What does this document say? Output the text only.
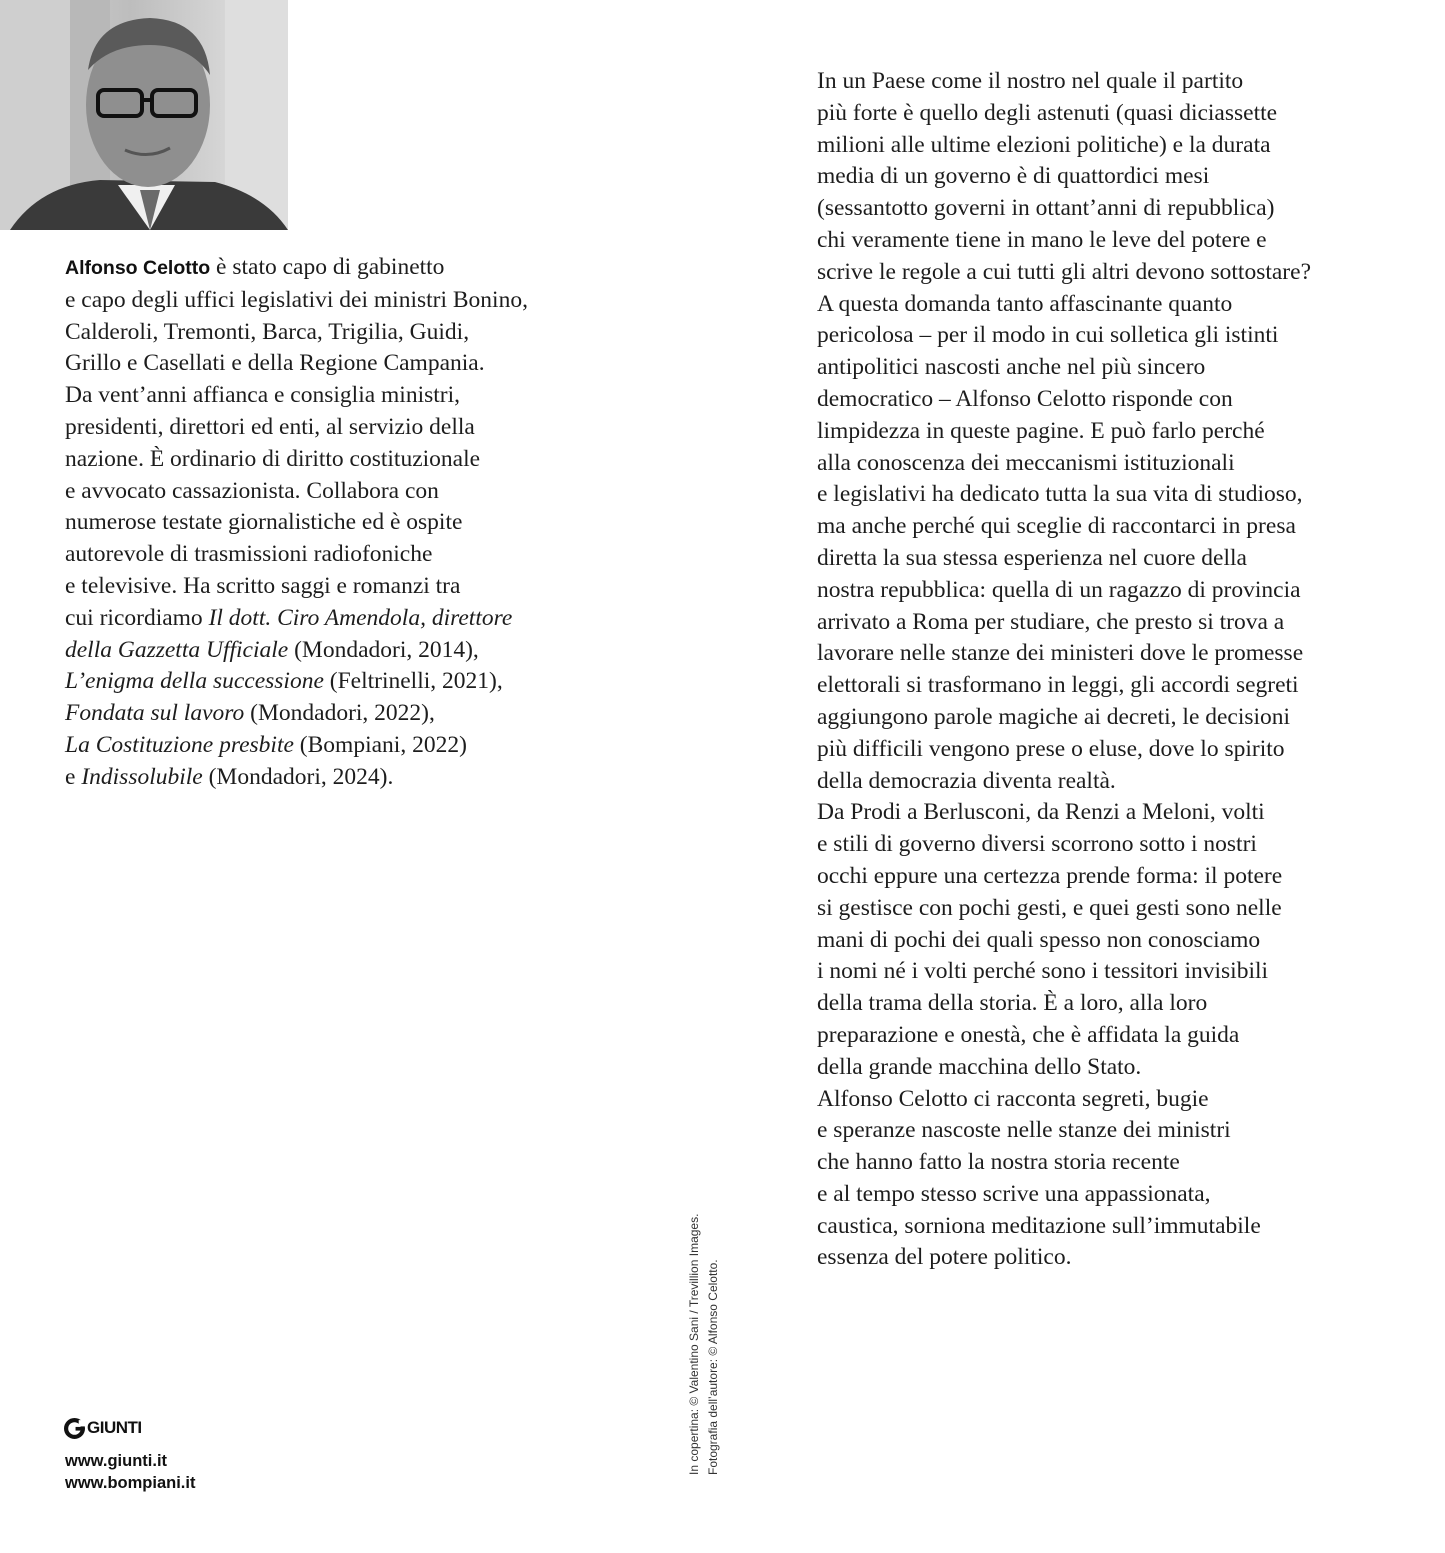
Alfonso Celotto è stato capo di gabinetto
e capo degli uffici legislativi dei ministri Bonino,
Calderoli, Tremonti, Barca, Trigilia, Guidi,
Grillo e Casellati e della Regione Campania.
Da vent’anni affianca e consiglia ministri,
presidenti, direttori ed enti, al servizio della
nazione. È ordinario di diritto costituzionale
e avvocato cassazionista. Collabora con
numerose testate giornalistiche ed è ospite
autorevole di trasmissioni radiofoniche
e televisive. Ha scritto saggi e romanzi tra
cui ricordiamo Il dott. Ciro Amendola, direttore
della Gazzetta Ufficiale (Mondadori, 2014),
L’enigma della successione (Feltrinelli, 2021),
Fondata sul lavoro (Mondadori, 2022),
La Costituzione presbite (Bompiani, 2022)
e Indissolubile (Mondadori, 2024).
In un Paese come il nostro nel quale il partito
più forte è quello degli astenuti (quasi diciassette
milioni alle ultime elezioni politiche) e la durata
media di un governo è di quattordici mesi
(sessantotto governi in ottant’anni di repubblica)
chi veramente tiene in mano le leve del potere e
scrive le regole a cui tutti gli altri devono sottostare?
A questa domanda tanto affascinante quanto
pericolosa – per il modo in cui solletica gli istinti
antipolitici nascosti anche nel più sincero
democratico – Alfonso Celotto risponde con
limpidezza in queste pagine. E può farlo perché
alla conoscenza dei meccanismi istituzionali
e legislativi ha dedicato tutta la sua vita di studioso,
ma anche perché qui sceglie di raccontarci in presa
diretta la sua stessa esperienza nel cuore della
nostra repubblica: quella di un ragazzo di provincia
arrivato a Roma per studiare, che presto si trova a
lavorare nelle stanze dei ministeri dove le promesse
elettorali si trasformano in leggi, gli accordi segreti
aggiungono parole magiche ai decreti, le decisioni
più difficili vengono prese o eluse, dove lo spirito
della democrazia diventa realtà.
Da Prodi a Berlusconi, da Renzi a Meloni, volti
e stili di governo diversi scorrono sotto i nostri
occhi eppure una certezza prende forma: il potere
si gestisce con pochi gesti, e quei gesti sono nelle
mani di pochi dei quali spesso non conosciamo
i nomi né i volti perché sono i tessitori invisibili
della trama della storia. È a loro, alla loro
preparazione e onestà, che è affidata la guida
della grande macchina dello Stato.
Alfonso Celotto ci racconta segreti, bugie
e speranze nascoste nelle stanze dei ministri
che hanno fatto la nostra storia recente
e al tempo stesso scrive una appassionata,
caustica, sorniona meditazione sull’immutabile
essenza del potere politico.
In copertina: © Valentino Sani / Trevillion Images. Fotografia dell’autore: © Alfonso Celotto.
GIUNTI
www.giunti.it
www.bompiani.it
